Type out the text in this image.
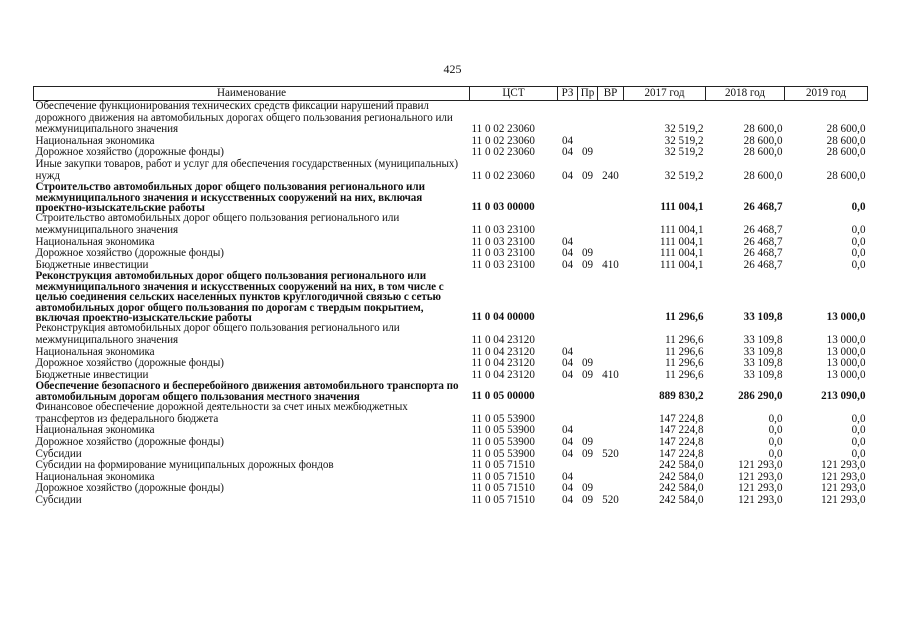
425
Наименование	ЦСТ	РЗ	Пр	ВР	2017 год	2018 год	2019 год
Обеспечение функционирования технических средств фиксации нарушений правил дорожного движения на автомобильных дорогах общего пользования регионального или межмуниципального значения	11 0 02 23060				32 519,2	28 600,0	28 600,0
Национальная экономика	11 0 02 23060	04			32 519,2	28 600,0	28 600,0
Дорожное хозяйство (дорожные фонды)	11 0 02 23060	04	09		32 519,2	28 600,0	28 600,0
Иные закупки товаров, работ и услуг для обеспечения государственных (муниципальных) нужд	11 0 02 23060	04	09	240	32 519,2	28 600,0	28 600,0
Строительство автомобильных дорог общего пользования регионального или межмуниципального значения и искусственных сооружений на них, включая проектно-изыскательские работы	11 0 03 00000				111 004,1	26 468,7	0,0
Строительство автомобильных дорог общего пользования регионального или межмуниципального значения	11 0 03 23100				111 004,1	26 468,7	0,0
Национальная экономика	11 0 03 23100	04			111 004,1	26 468,7	0,0
Дорожное хозяйство (дорожные фонды)	11 0 03 23100	04	09		111 004,1	26 468,7	0,0
Бюджетные инвестиции	11 0 03 23100	04	09	410	111 004,1	26 468,7	0,0
Реконструкция автомобильных дорог общего пользования регионального или межмуниципального значения и искусственных сооружений на них, в том числе с целью соединения сельских населенных пунктов круглогодичной связью с сетью автомобильных дорог общего пользования по дорогам с твердым покрытием, включая проектно-изыскательские работы	11 0 04 00000				11 296,6	33 109,8	13 000,0
Реконструкция автомобильных дорог общего пользования регионального или межмуниципального значения	11 0 04 23120				11 296,6	33 109,8	13 000,0
Национальная экономика	11 0 04 23120	04			11 296,6	33 109,8	13 000,0
Дорожное хозяйство (дорожные фонды)	11 0 04 23120	04	09		11 296,6	33 109,8	13 000,0
Бюджетные инвестиции	11 0 04 23120	04	09	410	11 296,6	33 109,8	13 000,0
Обеспечение безопасного и бесперебойного движения автомобильного транспорта по автомобильным дорогам общего пользования местного значения	11 0 05 00000				889 830,2	286 290,0	213 090,0
Финансовое обеспечение дорожной деятельности за счет иных межбюджетных трансфертов из федерального бюджета	11 0 05 53900				147 224,8	0,0	0,0
Национальная экономика	11 0 05 53900	04			147 224,8	0,0	0,0
Дорожное хозяйство (дорожные фонды)	11 0 05 53900	04	09		147 224,8	0,0	0,0
Субсидии	11 0 05 53900	04	09	520	147 224,8	0,0	0,0
Субсидии на формирование муниципальных дорожных фондов	11 0 05 71510				242 584,0	121 293,0	121 293,0
Национальная экономика	11 0 05 71510	04			242 584,0	121 293,0	121 293,0
Дорожное хозяйство (дорожные фонды)	11 0 05 71510	04	09		242 584,0	121 293,0	121 293,0
Субсидии	11 0 05 71510	04	09	520	242 584,0	121 293,0	121 293,0
